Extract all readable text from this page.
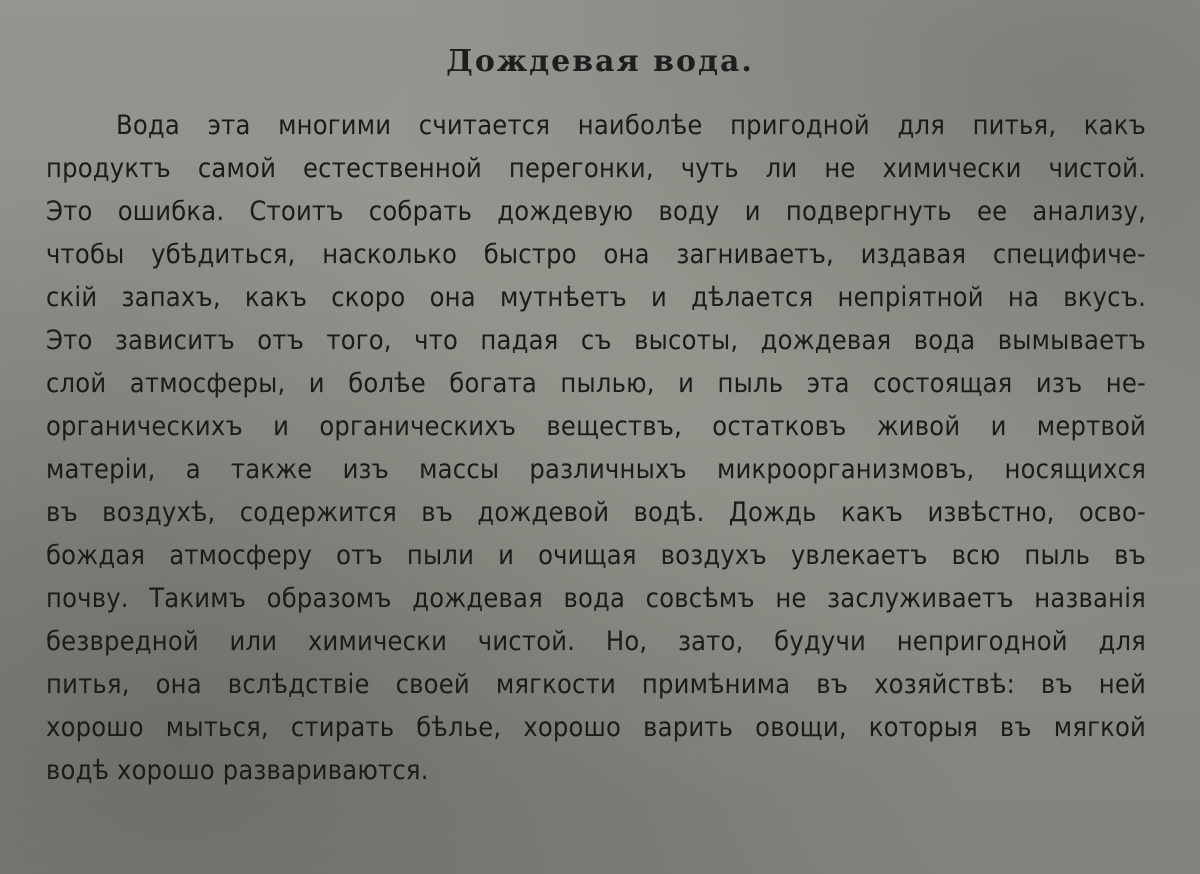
Дождевая вода.
Вода эта многими считается наиболѣе пригодной для питья, какъ
продуктъ самой естественной перегонки, чуть ли не химически чистой.
Это ошибка. Стоитъ собрать дождевую воду и подвергнуть ее анализу,
чтобы убѣдиться, насколько быстро она загниваетъ, издавая специфиче-
скiй запахъ, какъ скоро она мутнѣетъ и дѣлается непрiятной на вкусъ.
Это зависитъ отъ того, что падая съ высоты, дождевая вода вымываетъ
слой атмосферы, и болѣе богата пылью, и пыль эта состоящая изъ не-
органическихъ и органическихъ веществъ, остатковъ живой и мертвой
матерiи, а также изъ массы различныхъ микроорганизмовъ, носящихся
въ воздухѣ, содержится въ дождевой водѣ. Дождь какъ извѣстно, осво-
бождая атмосферу отъ пыли и очищая воздухъ увлекаетъ всю пыль въ
почву. Такимъ образомъ дождевая вода совсѣмъ не заслуживаетъ названiя
безвредной или химически чистой. Но, зато, будучи непригодной для
питья, она вслѣдствiе своей мягкости примѣнима въ хозяйствѣ: въ ней
хорошо мыться, стирать бѣлье, хорошо варить овощи, которыя въ мягкой
водѣ хорошо развариваются.
